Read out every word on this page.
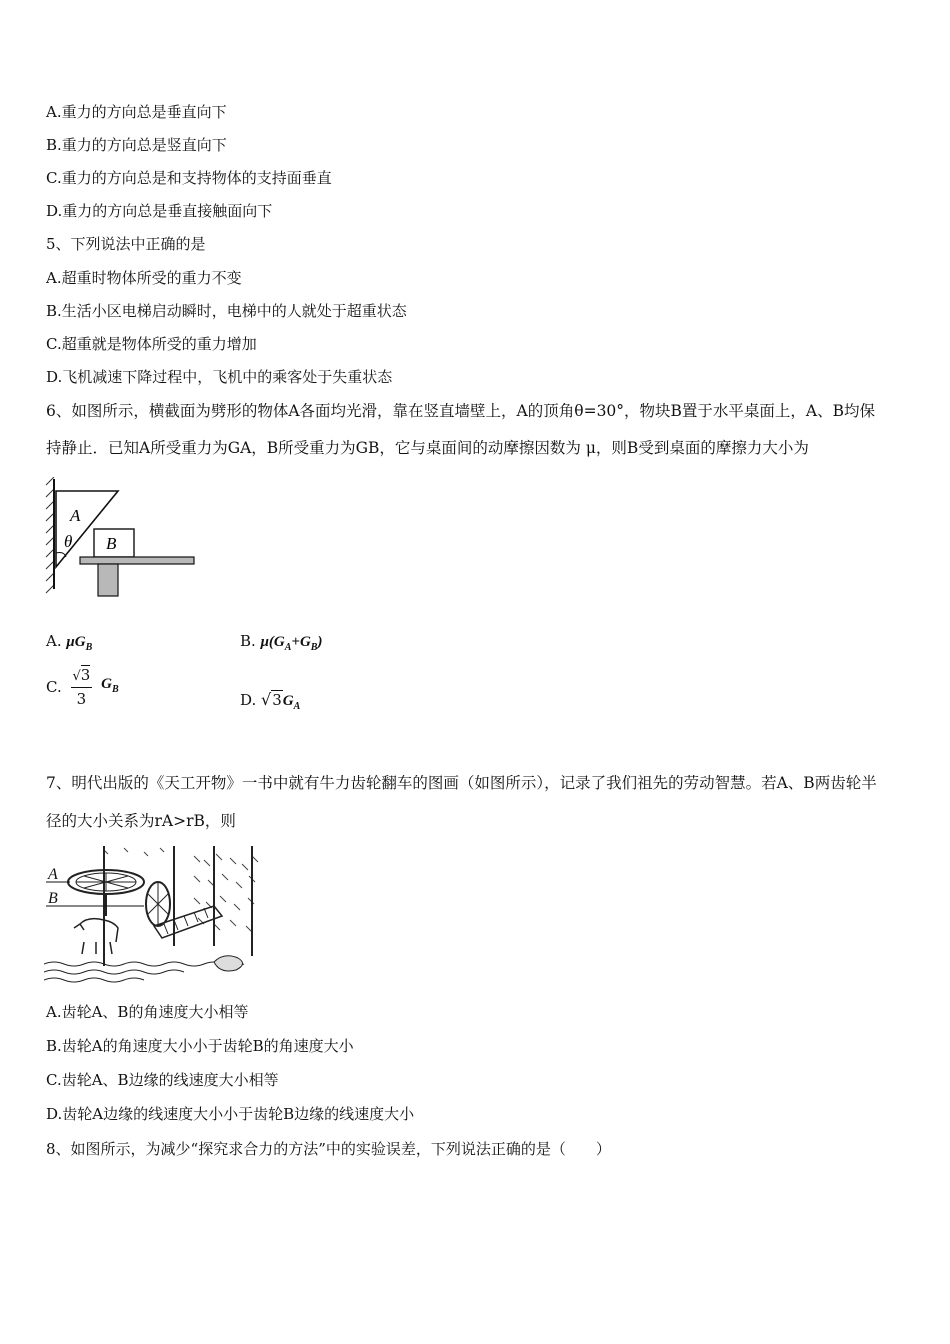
A.重力的方向总是垂直向下
B.重力的方向总是竖直向下
C.重力的方向总是和支持物体的支持面垂直
D.重力的方向总是垂直接触面向下
5、下列说法中正确的是
A.超重时物体所受的重力不变
B.生活小区电梯启动瞬时，电梯中的人就处于超重状态
C.超重就是物体所受的重力增加
D.飞机减速下降过程中，飞机中的乘客处于失重状态
6、如图所示，横截面为劈形的物体A各面均光滑，靠在竖直墙壁上，A的顶角θ=30°，物块B置于水平桌面上，A、B均保
持静止．已知A所受重力为GA，B所受重力为GB，它与桌面间的动摩擦因数为 μ，则B受到桌面的摩擦力大小为
A
θ B
A. $\mu G_B$	B. $\mu(G_A+G_B)$
C. $\frac{√3}{3} G_B$
D. $√3G_A$
7、明代出版的《天工开物》一书中就有牛力齿轮翻车的图画（如图所示），记录了我们祖先的劳动智慧。若A、B两齿轮半
径的大小关系为rA>rB，则
A
B
A.齿轮A、B的角速度大小相等
B.齿轮A的角速度大小小于齿轮B的角速度大小
C.齿轮A、B边缘的线速度大小相等
D.齿轮A边缘的线速度大小小于齿轮B边缘的线速度大小
8、如图所示，为减少“探究求合力的方法”中的实验误差，下列说法正确的是（　　）
